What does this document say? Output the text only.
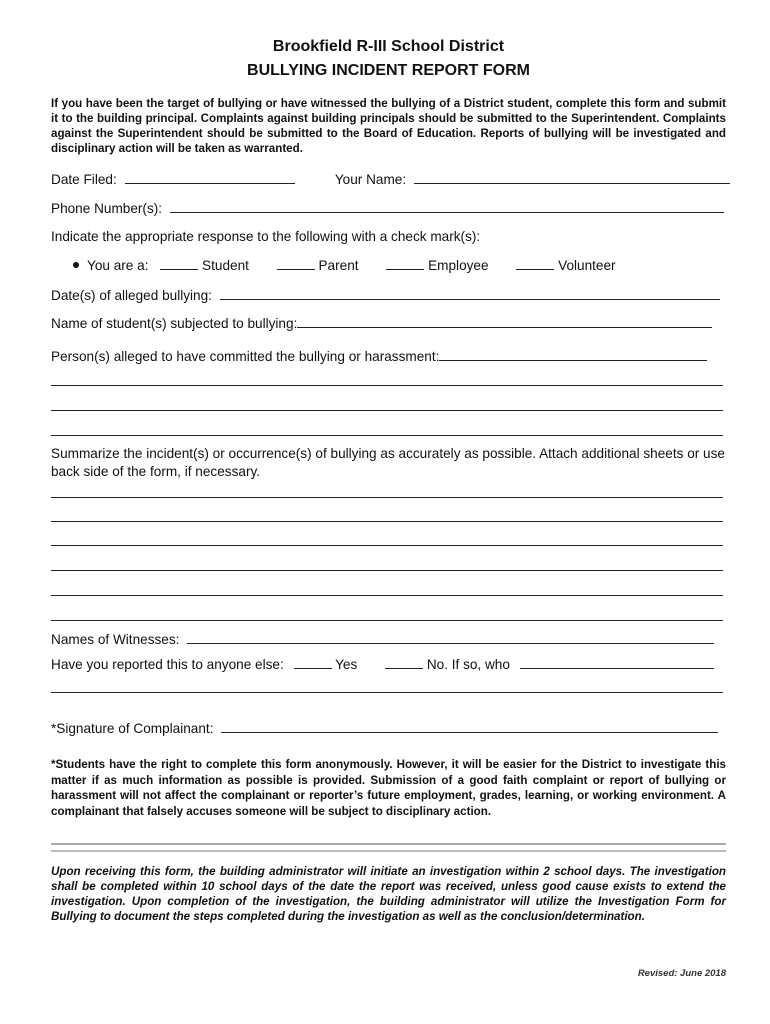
Brookfield R-III School District
BULLYING INCIDENT REPORT FORM
If you have been the target of bullying or have witnessed the bullying of a District student, complete this form and submit it to the building principal. Complaints against building principals should be submitted to the Superintendent. Complaints against the Superintendent should be submitted to the Board of Education. Reports of bullying will be investigated and disciplinary action will be taken as warranted.
Date Filed:	Your Name:
Phone Number(s):
Indicate the appropriate response to the following with a check mark(s):
You are a:	Student	Parent	Employee	Volunteer
Date(s) of alleged bullying:
Name of student(s) subjected to bullying:
Person(s) alleged to have committed the bullying or harassment:
Summarize the incident(s) or occurrence(s) of bullying as accurately as possible. Attach additional sheets or use back side of the form, if necessary.
Names of Witnesses:
Have you reported this to anyone else:	Yes	No. If so, who
*Signature of Complainant:
*Students have the right to complete this form anonymously. However, it will be easier for the District to investigate this matter if as much information as possible is provided. Submission of a good faith complaint or report of bullying or harassment will not affect the complainant or reporter’s future employment, grades, learning, or working environment. A complainant that falsely accuses someone will be subject to disciplinary action.
Upon receiving this form, the building administrator will initiate an investigation within 2 school days. The investigation shall be completed within 10 school days of the date the report was received, unless good cause exists to extend the investigation. Upon completion of the investigation, the building administrator will utilize the Investigation Form for Bullying to document the steps completed during the investigation as well as the conclusion/determination.
Revised: June 2018
